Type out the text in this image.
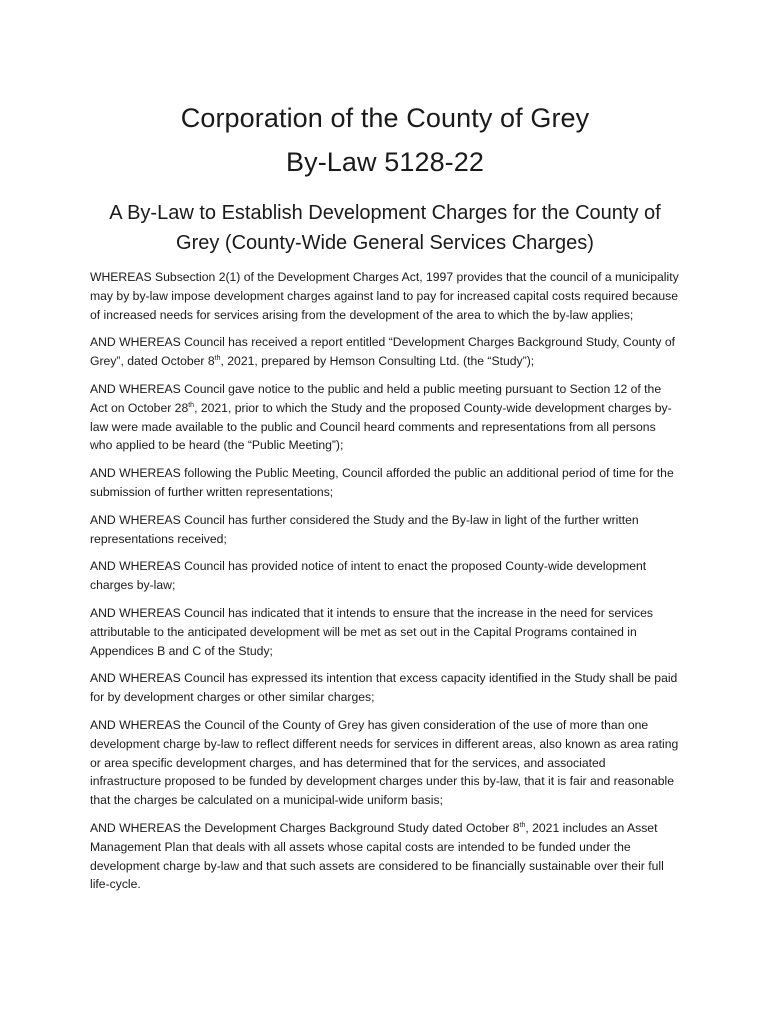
Corporation of the County of Grey
By-Law 5128-22
A By-Law to Establish Development Charges for the County of Grey (County-Wide General Services Charges)

WHEREAS Subsection 2(1) of the Development Charges Act, 1997 provides that the council of a municipality may by by-law impose development charges against land to pay for increased capital costs required because of increased needs for services arising from the development of the area to which the by-law applies;

AND WHEREAS Council has received a report entitled “Development Charges Background Study, County of Grey”, dated October 8th, 2021, prepared by Hemson Consulting Ltd. (the “Study”);

AND WHEREAS Council gave notice to the public and held a public meeting pursuant to Section 12 of the Act on October 28th, 2021, prior to which the Study and the proposed County-wide development charges by-law were made available to the public and Council heard comments and representations from all persons who applied to be heard (the “Public Meeting”);

AND WHEREAS following the Public Meeting, Council afforded the public an additional period of time for the submission of further written representations;

AND WHEREAS Council has further considered the Study and the By-law in light of the further written representations received;

AND WHEREAS Council has provided notice of intent to enact the proposed County-wide development charges by-law;

AND WHEREAS Council has indicated that it intends to ensure that the increase in the need for services attributable to the anticipated development will be met as set out in the Capital Programs contained in Appendices B and C of the Study;

AND WHEREAS Council has expressed its intention that excess capacity identified in the Study shall be paid for by development charges or other similar charges;

AND WHEREAS the Council of the County of Grey has given consideration of the use of more than one development charge by-law to reflect different needs for services in different areas, also known as area rating or area specific development charges, and has determined that for the services, and associated infrastructure proposed to be funded by development charges under this by-law, that it is fair and reasonable that the charges be calculated on a municipal-wide uniform basis;

AND WHEREAS the Development Charges Background Study dated October 8th, 2021 includes an Asset Management Plan that deals with all assets whose capital costs are intended to be funded under the development charge by-law and that such assets are considered to be financially sustainable over their full life-cycle.
